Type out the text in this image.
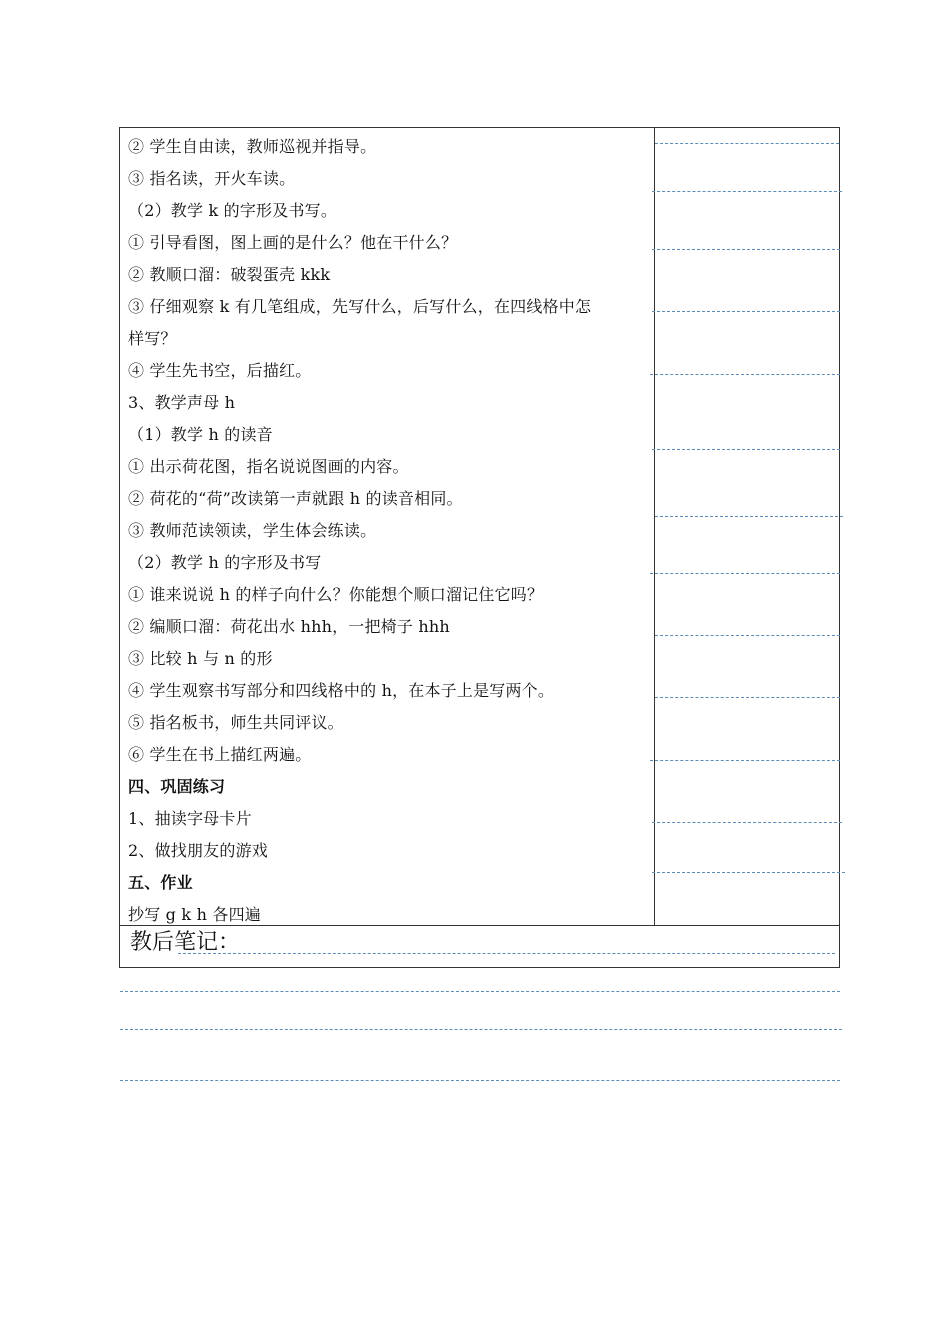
② 学生自由读，教师巡视并指导。
③ 指名读，开火车读。
（2）教学 k 的字形及书写。
① 引导看图，图上画的是什么？他在干什么？
② 教顺口溜：破裂蛋壳 kkk
③ 仔细观察 k 有几笔组成，先写什么，后写什么，在四线格中怎
样写？
④ 学生先书空，后描红。
3、教学声母 h
（1）教学 h 的读音
① 出示荷花图，指名说说图画的内容。
② 荷花的“荷”改读第一声就跟 h 的读音相同。
③ 教师范读领读，学生体会练读。
（2）教学 h 的字形及书写
① 谁来说说 h 的样子向什么？你能想个顺口溜记住它吗？
② 编顺口溜：荷花出水 hhh，一把椅子 hhh
③ 比较 h 与 n 的形
④ 学生观察书写部分和四线格中的 h，在本子上是写两个。
⑤ 指名板书，师生共同评议。
⑥ 学生在书上描红两遍。
四、巩固练习
1、抽读字母卡片
2、做找朋友的游戏
五、作业
抄写 g k h 各四遍
教后笔记：
